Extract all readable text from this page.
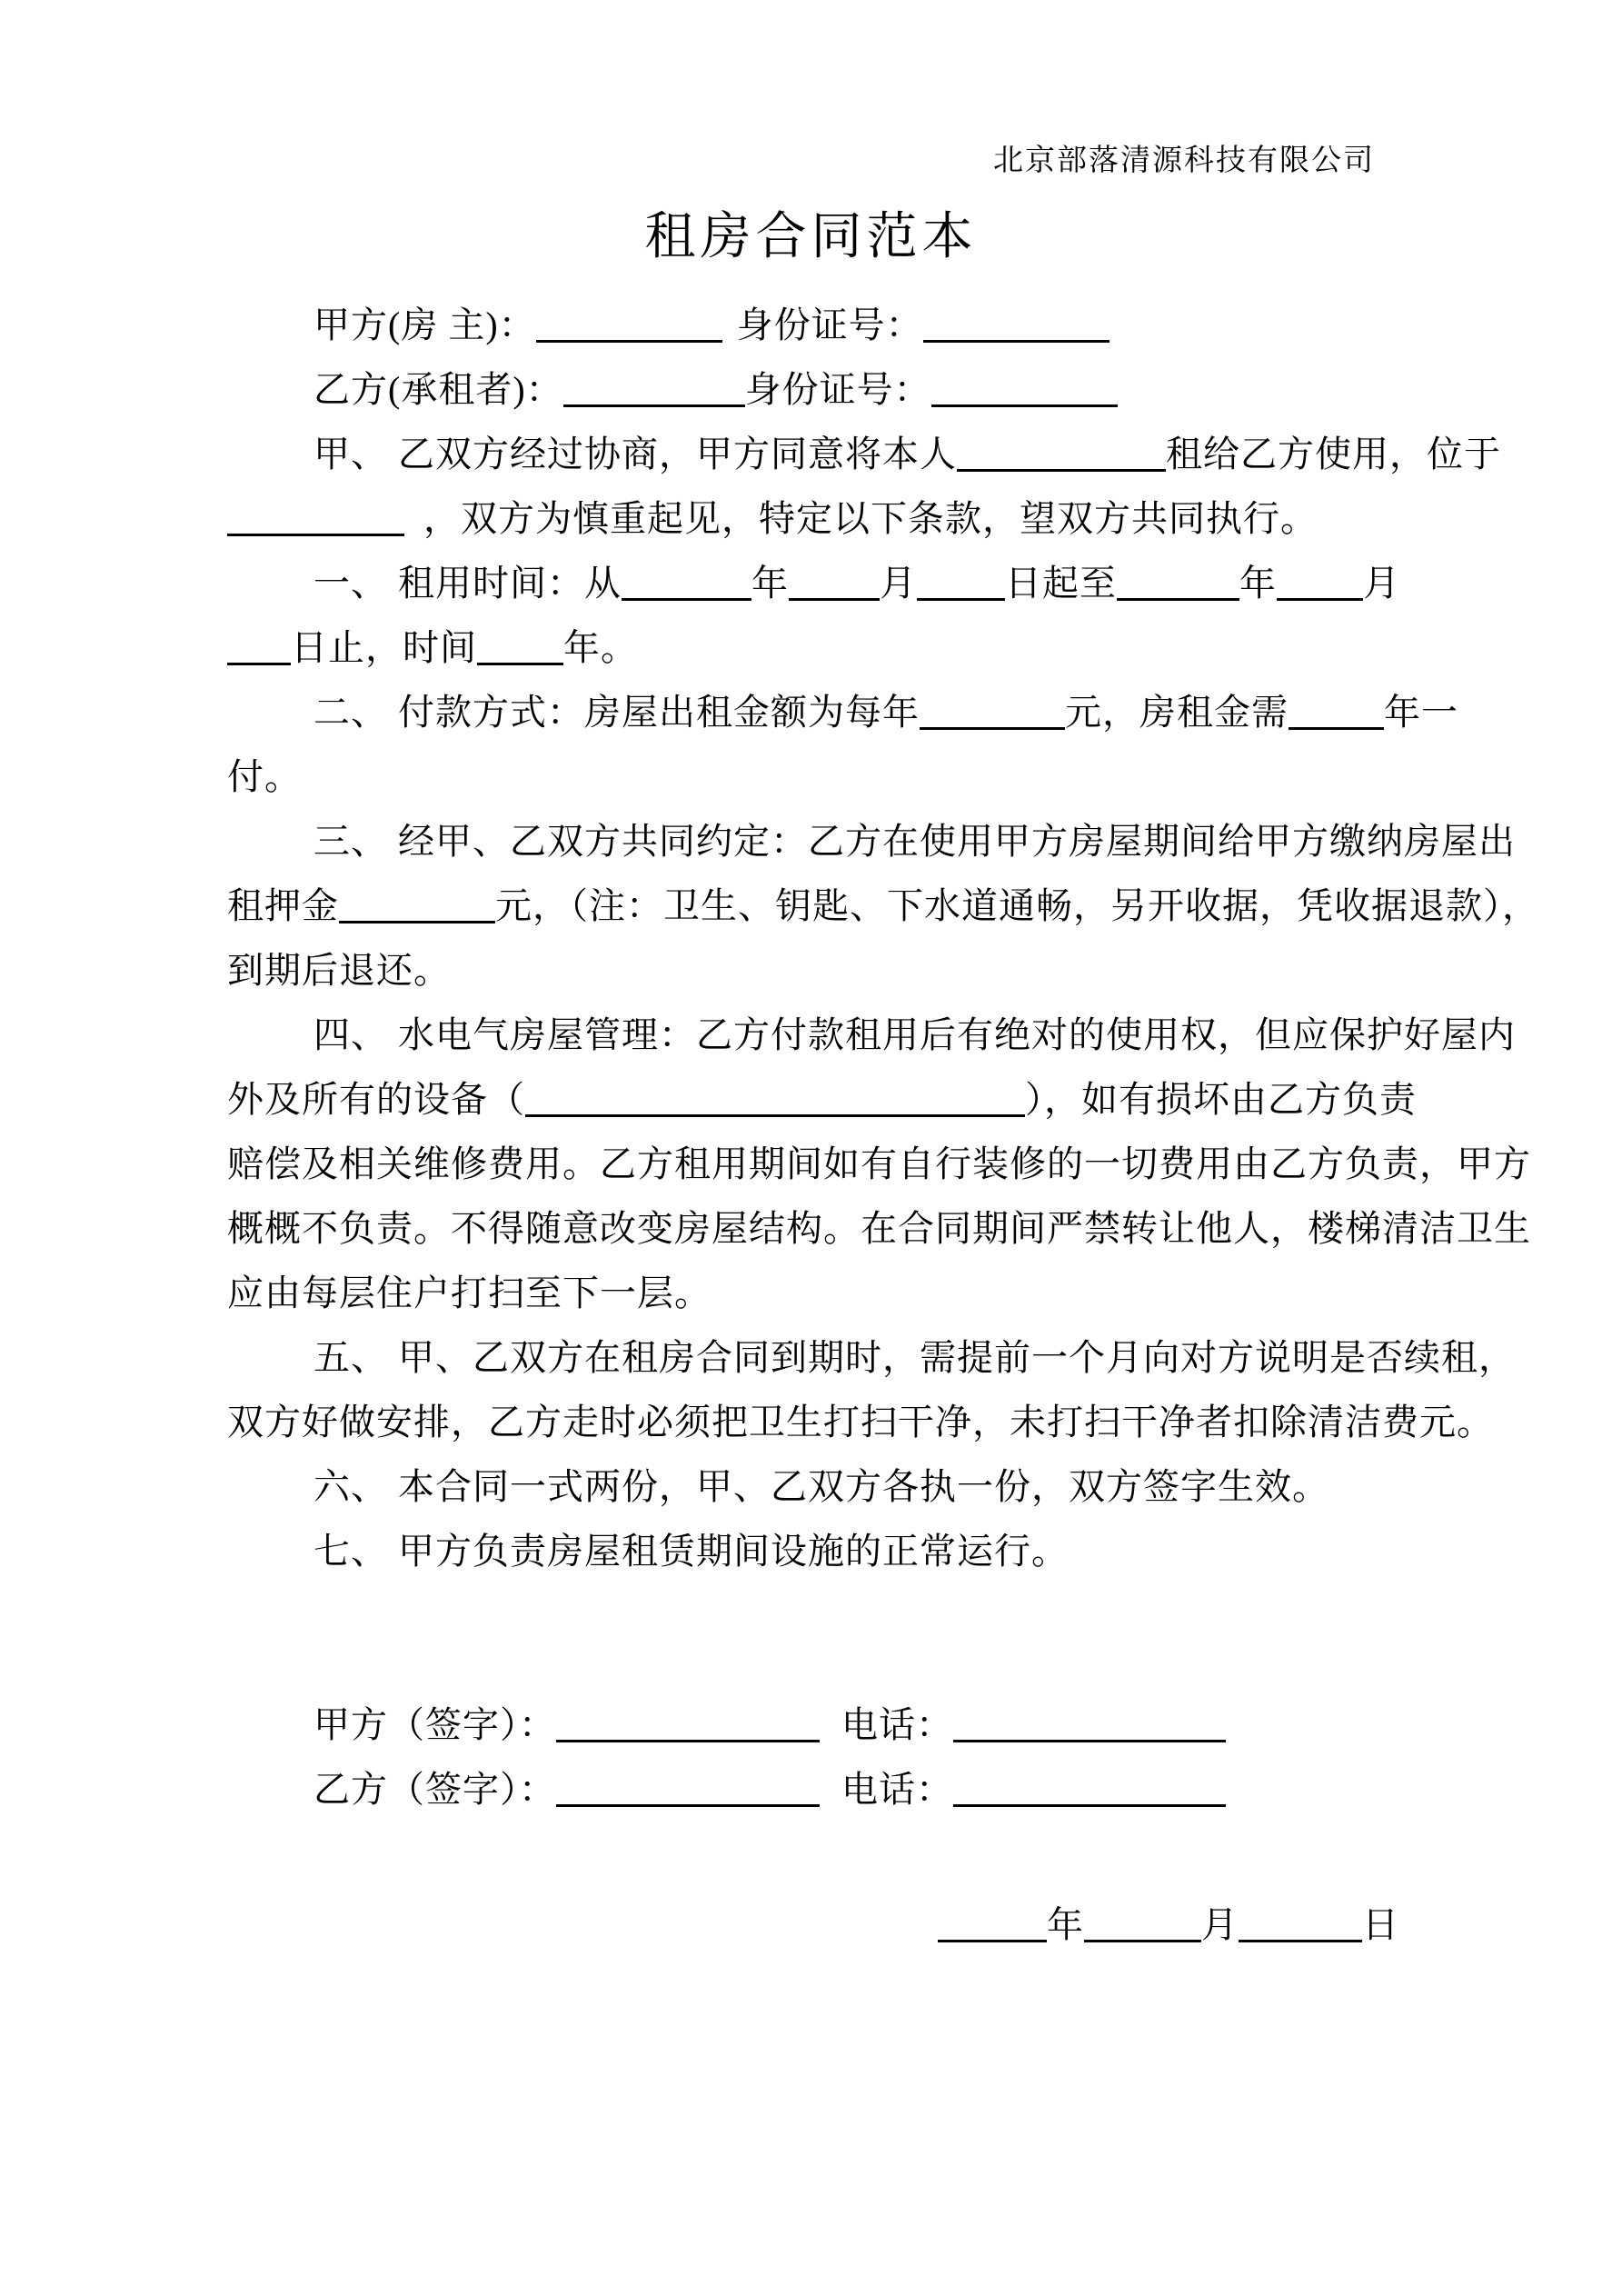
北京部落清源科技有限公司
租房合同范本
甲方(房 主)：	身份证号：
乙方(承租者)：	身份证号：
甲、 乙双方经过协商，甲方同意将本人	租给乙方使用，位于
，双方为慎重起见，特定以下条款，望双方共同执行。
一、 租用时间：从	年	月 日起至	年 月
日止，时间 年。
二、 付款方式：房屋出租金额为每年	元，房租金需	年一
付。
三、 经甲、乙双方共同约定：乙方在使用甲方房屋期间给甲方缴纳房屋出
租押金	元，（注：卫生、钥匙、下水道通畅，另开收据，凭收据退款），
到期后退还。
四、 水电气房屋管理：乙方付款租用后有绝对的使用权，但应保护好屋内
外及所有的设备（	），如有损坏由乙方负责
赔偿及相关维修费用。乙方租用期间如有自行装修的一切费用由乙方负责，甲方
概概不负责。不得随意改变房屋结构。在合同期间严禁转让他人，楼梯清洁卫生
应由每层住户打扫至下一层。
五、 甲、乙双方在租房合同到期时，需提前一个月向对方说明是否续租，
双方好做安排，乙方走时必须把卫生打扫干净，未打扫干净者扣除清洁费元。
六、 本合同一式两份，甲、乙双方各执一份，双方签字生效。
七、 甲方负责房屋租赁期间设施的正常运行。
甲方（签字）：	电话：
乙方（签字）：	电话：
年	月	日
